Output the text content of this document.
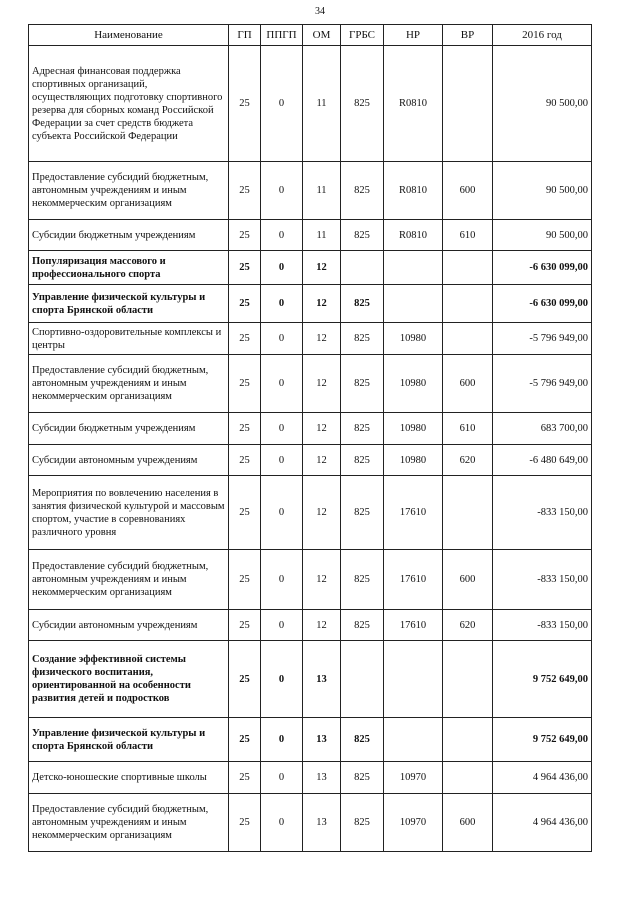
34
Наименование	ГП	ППГП	ОМ	ГРБС	НР	ВР	2016 год
Адресная финансовая поддержка спортивных организаций, осуществляющих подготовку спортивного резерва для сборных команд Российской Федерации за счет средств бюджета субъекта Российской Федерации	25	0	11	825	R0810		90 500,00
Предоставление субсидий бюджетным, автономным учреждениям и иным некоммерческим организациям	25	0	11	825	R0810	600	90 500,00
Субсидии бюджетным учреждениям	25	0	11	825	R0810	610	90 500,00
Популяризация массового и профессионального спорта	25	0	12				-6 630 099,00
Управление физической культуры и спорта Брянской области	25	0	12	825			-6 630 099,00
Спортивно-оздоровительные комплексы и центры	25	0	12	825	10980		-5 796 949,00
Предоставление субсидий бюджетным, автономным учреждениям и иным некоммерческим организациям	25	0	12	825	10980	600	-5 796 949,00
Субсидии бюджетным учреждениям	25	0	12	825	10980	610	683 700,00
Субсидии автономным учреждениям	25	0	12	825	10980	620	-6 480 649,00
Мероприятия по вовлечению населения в занятия физической культурой и массовым спортом, участие в соревнованиях различного уровня	25	0	12	825	17610		-833 150,00
Предоставление субсидий бюджетным, автономным учреждениям и иным некоммерческим организациям	25	0	12	825	17610	600	-833 150,00
Субсидии автономным учреждениям	25	0	12	825	17610	620	-833 150,00
Создание эффективной системы физического воспитания, ориентированной на особенности развития детей и подростков	25	0	13				9 752 649,00
Управление физической культуры и спорта Брянской области	25	0	13	825			9 752 649,00
Детско-юношеские спортивные школы	25	0	13	825	10970		4 964 436,00
Предоставление субсидий бюджетным, автономным учреждениям и иным некоммерческим организациям	25	0	13	825	10970	600	4 964 436,00
